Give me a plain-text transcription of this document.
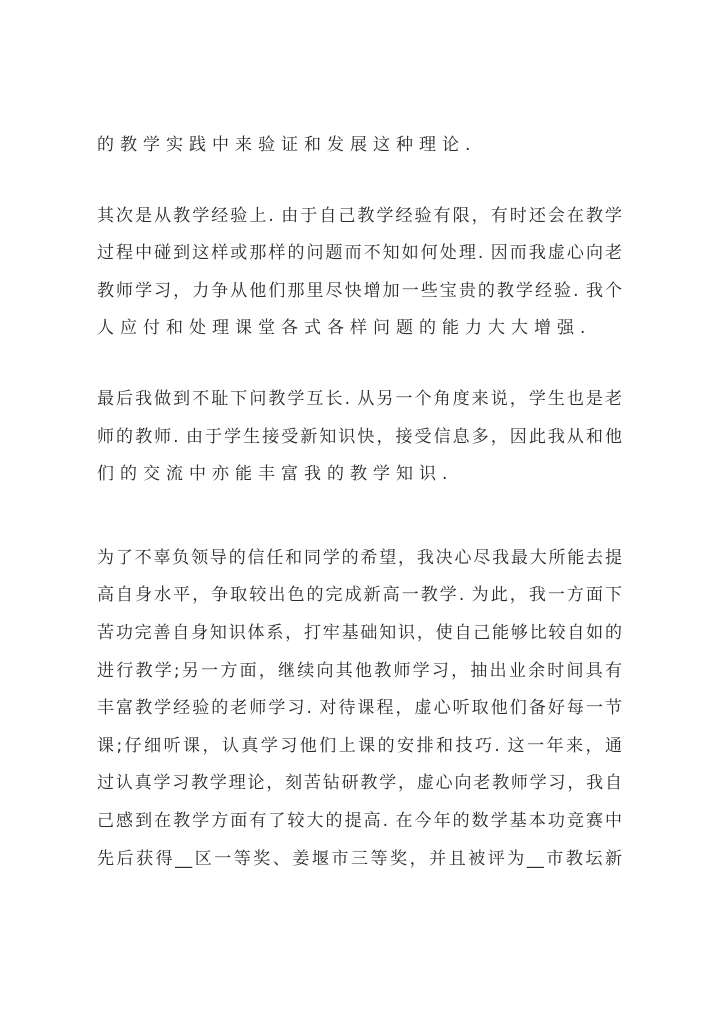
的教学实践中来验证和发展这种理论.
其次是从教学经验上. 由于自己教学经验有限，有时还会在教学
过程中碰到这样或那样的问题而不知如何处理. 因而我虚心向老
教师学习，力争从他们那里尽快增加一些宝贵的教学经验. 我个
人应付和处理课堂各式各样问题的能力大大增强.
最后我做到不耻下问教学互长. 从另一个角度来说，学生也是老
师的教师. 由于学生接受新知识快，接受信息多，因此我从和他
们的交流中亦能丰富我的教学知识.
为了不辜负领导的信任和同学的希望，我决心尽我最大所能去提
高自身水平，争取较出色的完成新高一教学. 为此，我一方面下
苦功完善自身知识体系，打牢基础知识，使自己能够比较自如的
进行教学;另一方面，继续向其他教师学习，抽出业余时间具有
丰富教学经验的老师学习. 对待课程，虚心听取他们备好每一节
课;仔细听课，认真学习他们上课的安排和技巧. 这一年来，通
过认真学习教学理论，刻苦钻研教学，虚心向老教师学习，我自
己感到在教学方面有了较大的提高. 在今年的数学基本功竞赛中
先后获得__区一等奖、姜堰市三等奖，并且被评为__市教坛新
